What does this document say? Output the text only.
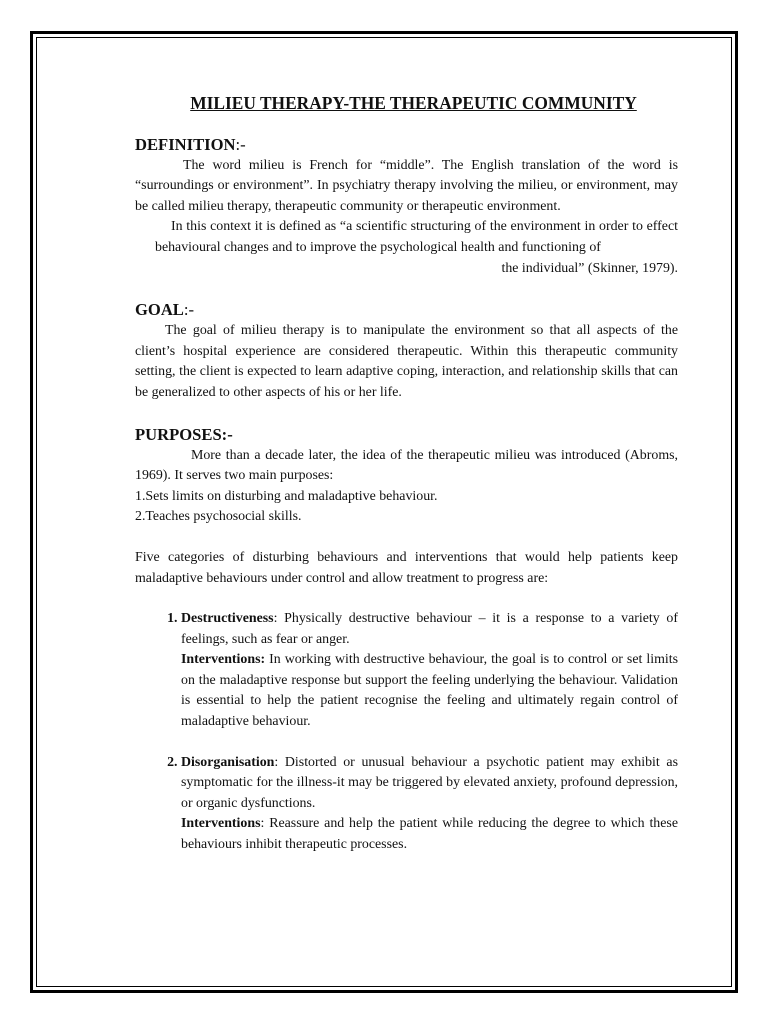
MILIEU THERAPY-THE THERAPEUTIC COMMUNITY
DEFINITION:-

The word milieu is French for “middle”. The English translation of the word is “surroundings or environment”. In psychiatry therapy involving the milieu, or environment, may be called milieu therapy, therapeutic community or therapeutic environment.

In this context it is defined as “a scientific structuring of the environment in order to effect behavioural changes and to improve the psychological health and functioning of

the individual” (Skinner, 1979).

GOAL:-

The goal of milieu therapy is to manipulate the environment so that all aspects of the client’s hospital experience are considered therapeutic. Within this therapeutic community setting, the client is expected to learn adaptive coping, interaction, and relationship skills that can be generalized to other aspects of his or her life.

PURPOSES:-

More than a decade later, the idea of the therapeutic milieu was introduced (Abroms, 1969). It serves two main purposes:

1.Sets limits on disturbing and maladaptive behaviour.

2.Teaches psychosocial skills.

Five categories of disturbing behaviours and interventions that would help patients keep maladaptive behaviours under control and allow treatment to progress are:

1. Destructiveness: Physically destructive behaviour – it is a response to a variety of feelings, such as fear or anger.
Interventions: In working with destructive behaviour, the goal is to control or set limits on the maladaptive response but support the feeling underlying the behaviour. Validation is essential to help the patient recognise the feeling and ultimately regain control of maladaptive behaviour.
2. Disorganisation: Distorted or unusual behaviour a psychotic patient may exhibit as symptomatic for the illness-it may be triggered by elevated anxiety, profound depression, or organic dysfunctions.
Interventions: Reassure and help the patient while reducing the degree to which these behaviours inhibit therapeutic processes.
